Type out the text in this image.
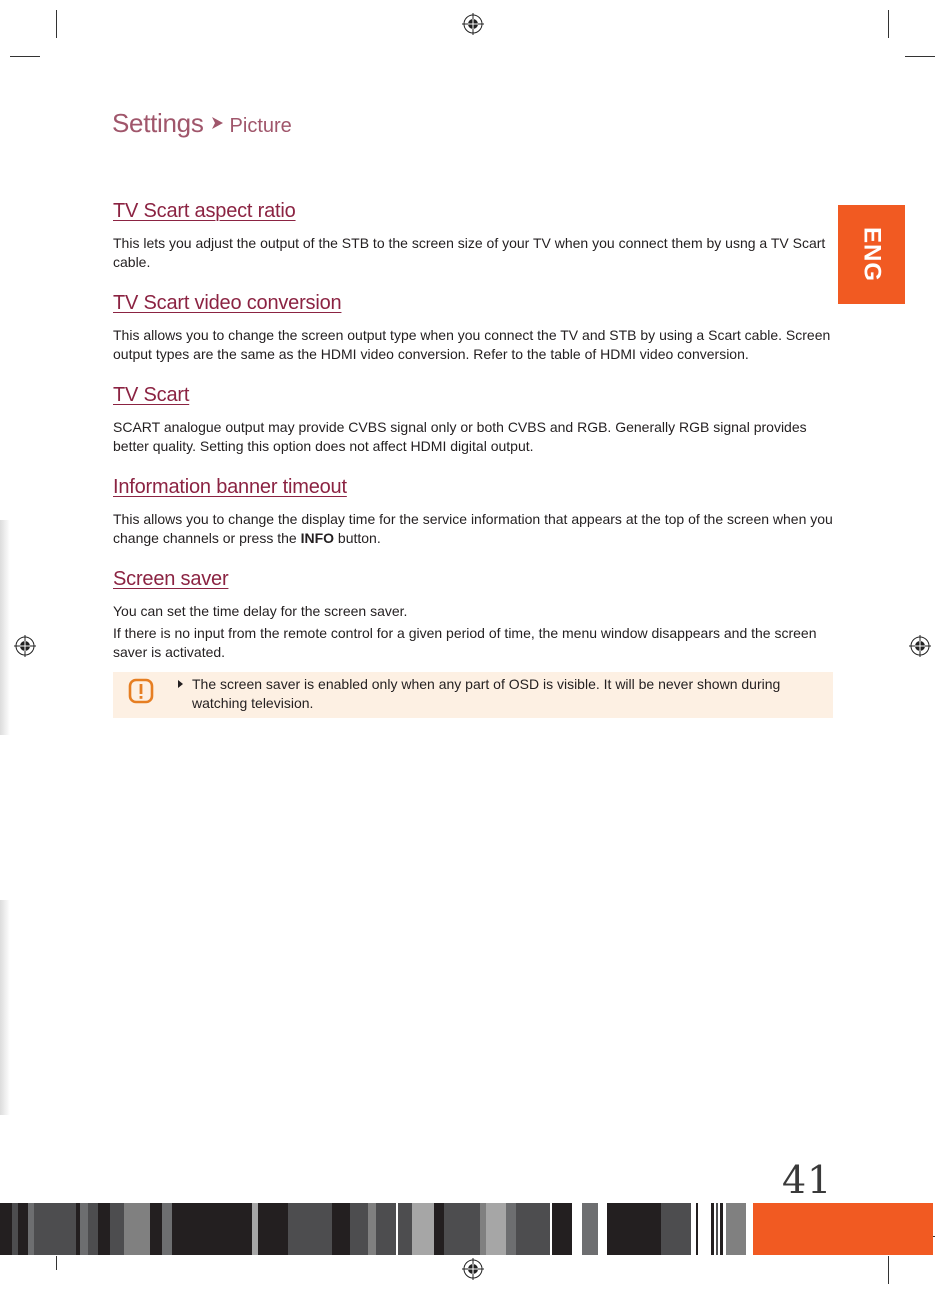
Settings Picture
ENG
TV Scart aspect ratio

This lets you adjust the output of the STB to the screen size of your TV when you connect them by usng a TV Scart cable.

TV Scart video conversion

This allows you to change the screen output type when you connect the TV and STB by using a Scart cable. Screen output types are the same as the HDMI video conversion. Refer to the table of HDMI video conversion.

TV Scart

SCART analogue output may provide CVBS signal only or both CVBS and RGB. Generally RGB signal provides better quality. Setting this option does not affect HDMI digital output.

Information banner timeout

This allows you to change the display time for the service information that appears at the top of the screen when you change channels or press the INFO button.

Screen saver

You can set the time delay for the screen saver.

If there is no input from the remote control for a given period of time, the menu window disappears and the screen saver is activated.

The screen saver is enabled only when any part of OSD is visible. It will be never shown during watching television.
41
